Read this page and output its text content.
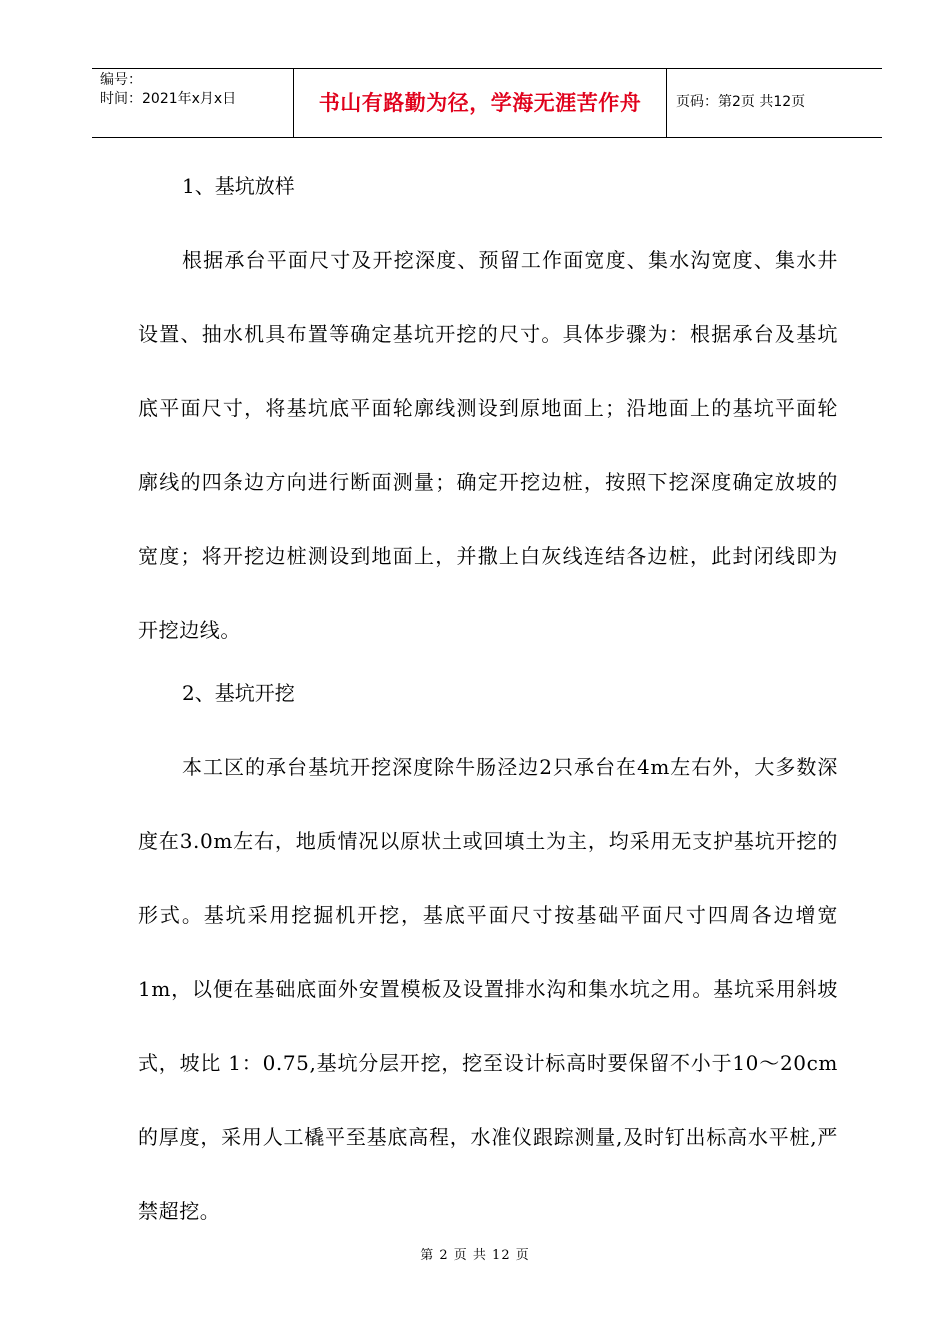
编号：
时间：2021年x月x日	书山有路勤为径，学海无涯苦作舟	页码：第2页 共12页

1、基坑放样

根据承台平面尺寸及开挖深度、预留工作面宽度、集水沟宽度、集水井设置、抽水机具布置等确定基坑开挖的尺寸。具体步骤为：根据承台及基坑底平面尺寸，将基坑底平面轮廓线测设到原地面上；沿地面上的基坑平面轮廓线的四条边方向进行断面测量；确定开挖边桩，按照下挖深度确定放坡的宽度；将开挖边桩测设到地面上，并撒上白灰线连结各边桩，此封闭线即为开挖边线。

2、基坑开挖

本工区的承台基坑开挖深度除牛肠泾边2只承台在4m左右外，大多数深度在3.0m左右，地质情况以原状土或回填土为主，均采用无支护基坑开挖的形式。基坑采用挖掘机开挖，基底平面尺寸按基础平面尺寸四周各边增宽1m，以便在基础底面外安置模板及设置排水沟和集水坑之用。基坑采用斜坡式，坡比 1：0.75,基坑分层开挖，挖至设计标高时要保留不小于10～20cm的厚度，采用人工橇平至基底高程，水准仪跟踪测量,及时钉出标高水平桩,严禁超挖。

第 2 页 共 12 页
